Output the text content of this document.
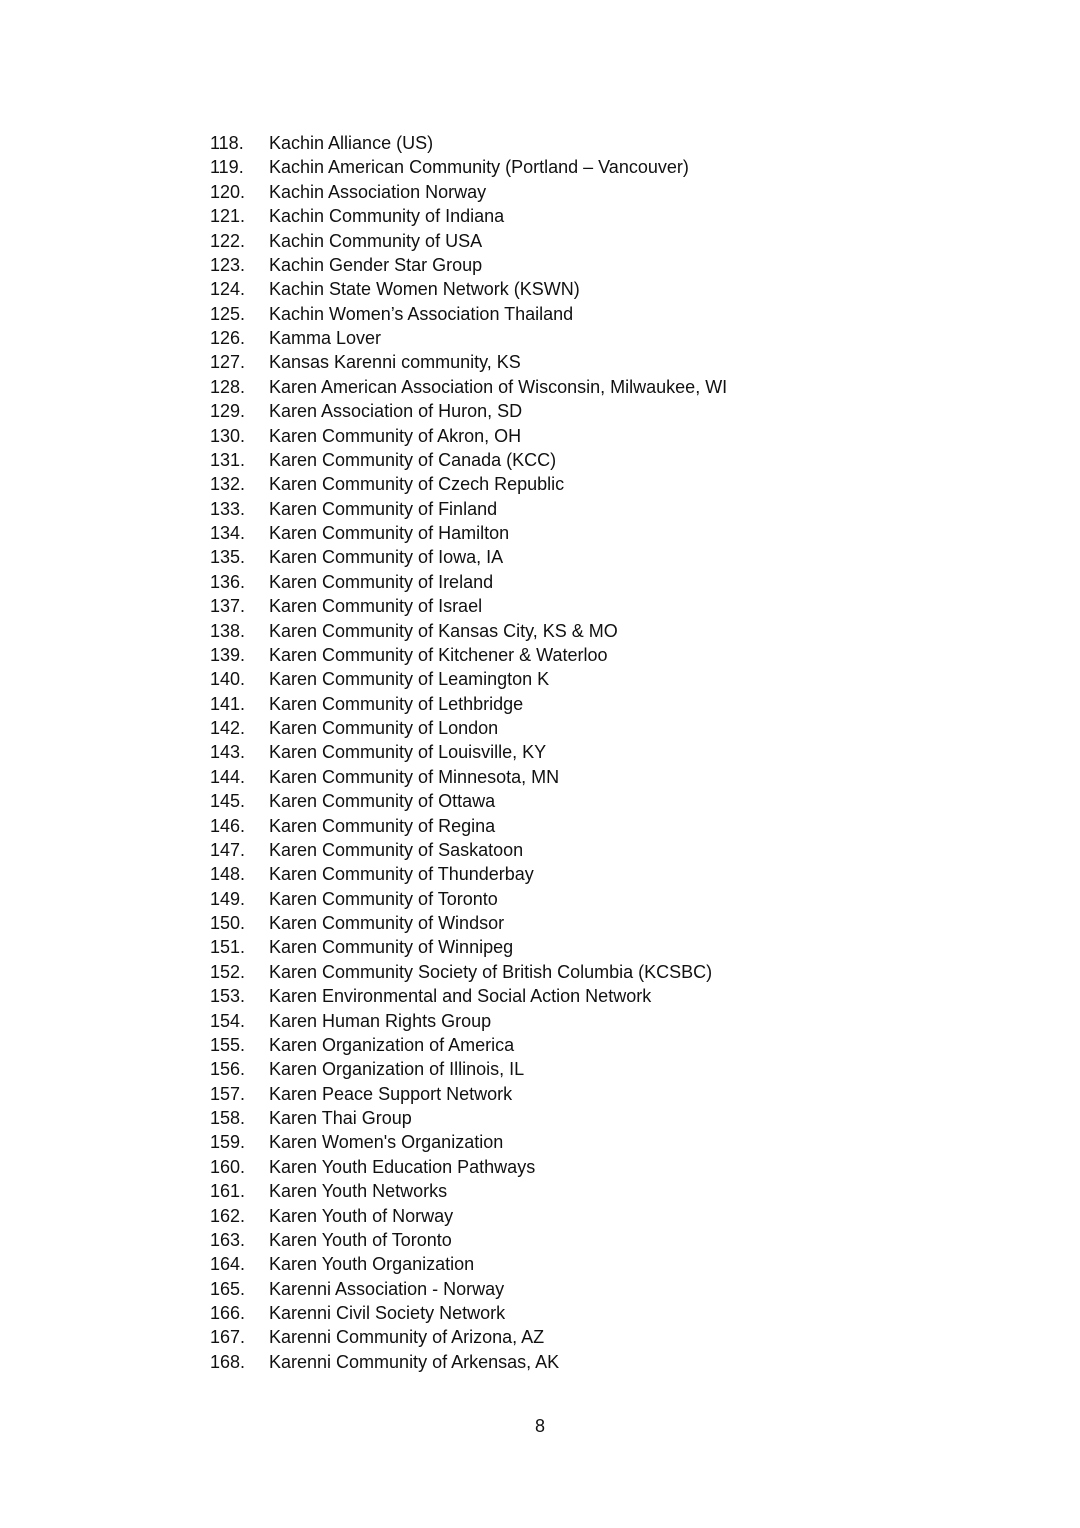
118.	Kachin Alliance (US)
119.	Kachin American Community (Portland – Vancouver)
120.	Kachin Association Norway
121.	Kachin Community of Indiana
122.	Kachin Community of USA
123.	Kachin Gender Star Group
124.	Kachin State Women Network (KSWN)
125.	Kachin Women’s Association Thailand
126.	Kamma Lover
127.	Kansas Karenni community, KS
128.	Karen American Association of Wisconsin, Milwaukee, WI
129.	Karen Association of Huron, SD
130.	Karen Community of Akron, OH
131.	Karen Community of Canada (KCC)
132.	Karen Community of Czech Republic
133.	Karen Community of Finland
134.	Karen Community of Hamilton
135.	Karen Community of Iowa, IA
136.	Karen Community of Ireland
137.	Karen Community of Israel
138.	Karen Community of Kansas City, KS & MO
139.	Karen Community of Kitchener & Waterloo
140.	Karen Community of Leamington K
141.	Karen Community of Lethbridge
142.	Karen Community of London
143.	Karen Community of Louisville, KY
144.	Karen Community of Minnesota, MN
145.	Karen Community of Ottawa
146.	Karen Community of Regina
147.	Karen Community of Saskatoon
148.	Karen Community of Thunderbay
149.	Karen Community of Toronto
150.	Karen Community of Windsor
151.	Karen Community of Winnipeg
152.	Karen Community Society of British Columbia (KCSBC)
153.	Karen Environmental and Social Action Network
154.	Karen Human Rights Group
155.	Karen Organization of America
156.	Karen Organization of Illinois, IL
157.	Karen Peace Support Network
158.	Karen Thai Group
159.	Karen Women's Organization
160.	Karen Youth Education Pathways
161.	Karen Youth Networks
162.	Karen Youth of Norway
163.	Karen Youth of Toronto
164.	Karen Youth Organization
165.	Karenni Association - Norway
166.	Karenni Civil Society Network
167.	Karenni Community of Arizona, AZ
168.	Karenni Community of Arkensas, AK
8
